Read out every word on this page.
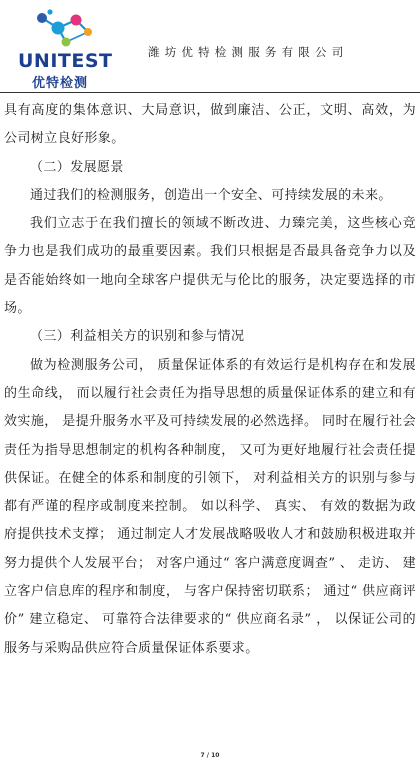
UNITEST
优特检测
潍坊优特检测服务有限公司

具有高度的集体意识、大局意识，做到廉洁、公正，文明、高效，为公司树立良好形象。

（二）发展愿景

通过我们的检测服务，创造出一个安全、可持续发展的未来。

我们立志于在我们擅长的领域不断改进、力臻完美，这些核心竞争力也是我们成功的最重要因素。我们只根据是否最具备竞争力以及是否能始终如一地向全球客户提供无与伦比的服务，决定要选择的市场。

（三）利益相关方的识别和参与情况

做为检测服务公司， 质量保证体系的有效运行是机构存在和发展的生命线， 而以履行社会责任为指导思想的质量保证体系的建立和有效实施， 是提升服务水平及可持续发展的必然选择。 同时在履行社会责任为指导思想制定的机构各种制度， 又可为更好地履行社会责任提供保证。在健全的体系和制度的引领下， 对利益相关方的识别与参与都有严谨的程序或制度来控制。 如以科学、 真实、 有效的数据为政府提供技术支撑； 通过制定人才发展战略吸收人才和鼓励积极进取并努力提供个人发展平台； 对客户通过“ 客户满意度调查” 、 走访、 建立客户信息库的程序和制度， 与客户保持密切联系； 通过“ 供应商评价” 建立稳定、 可靠符合法律要求的“ 供应商名录” ， 以保证公司的服务与采购品供应符合质量保证体系要求。

7 / 10
